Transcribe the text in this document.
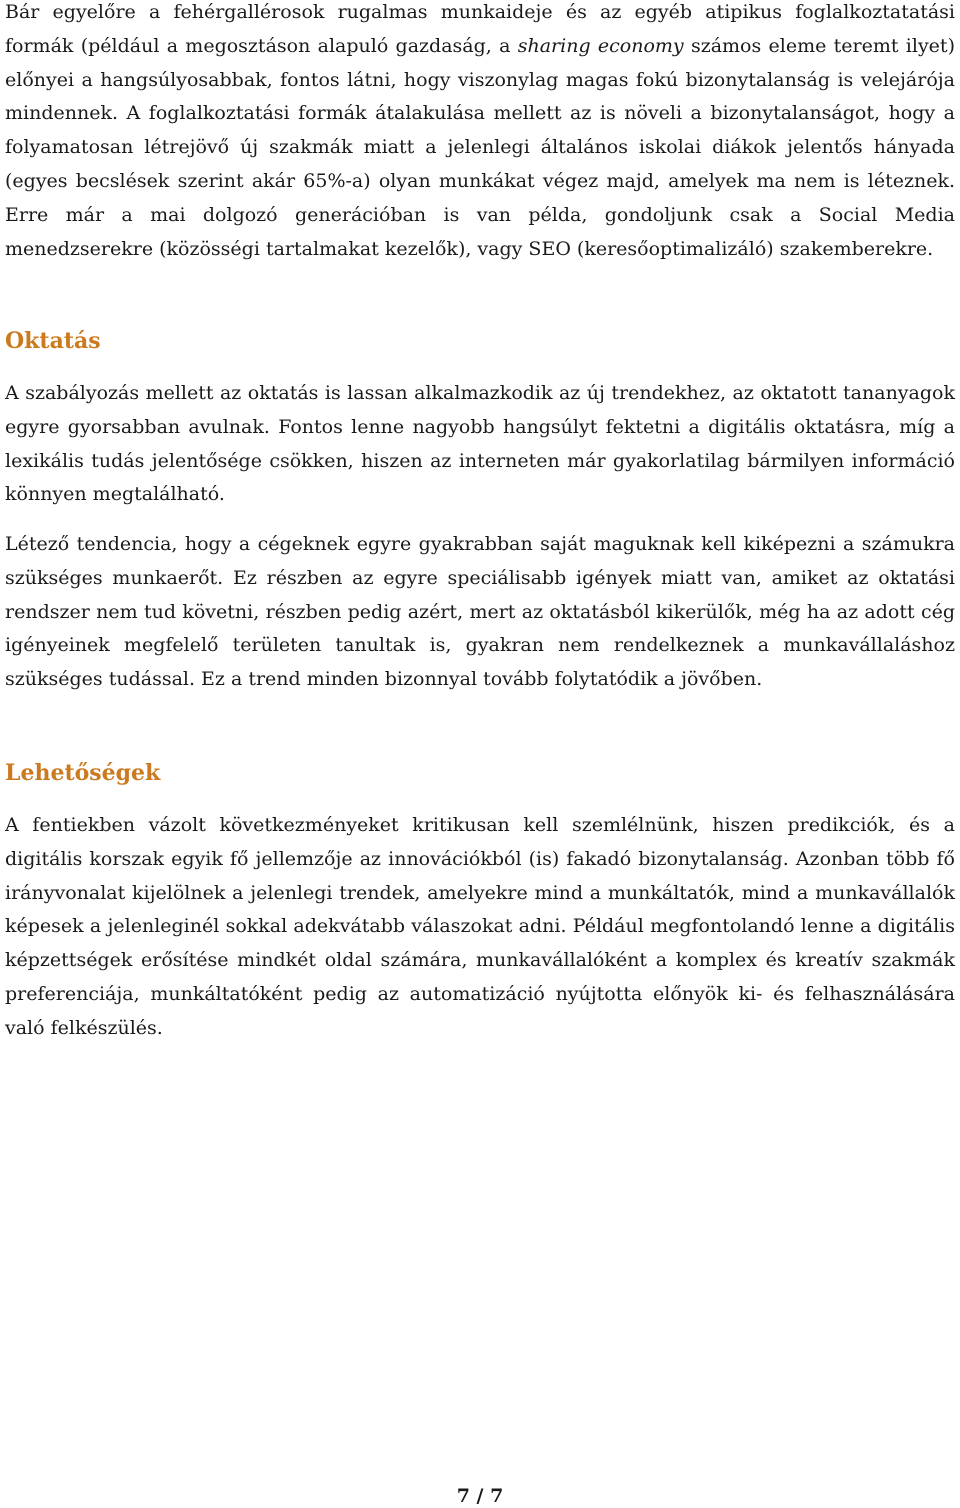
Bár egyelőre a fehérgallérosok rugalmas munkaideje és az egyéb atipikus foglalkoztatatási formák (például a megosztáson alapuló gazdaság, a sharing economy számos eleme teremt ilyet) előnyei a hangsúlyosabbak, fontos látni, hogy viszonylag magas fokú bizonytalanság is velejárója mindennek. A foglalkoztatási formák átalakulása mellett az is növeli a bizonytalanságot, hogy a folyamatosan létrejövő új szakmák miatt a jelenlegi általános iskolai diákok jelentős hányada (egyes becslések szerint akár 65%-a) olyan munkákat végez majd, amelyek ma nem is léteznek. Erre már a mai dolgozó generációban is van példa, gondoljunk csak a Social Media menedzserekre (közösségi tartalmakat kezelők), vagy SEO (keresőoptimalizáló) szakemberekre.

Oktatás

A szabályozás mellett az oktatás is lassan alkalmazkodik az új trendekhez, az oktatott tananyagok egyre gyorsabban avulnak. Fontos lenne nagyobb hangsúlyt fektetni a digitális oktatásra, míg a lexikális tudás jelentősége csökken, hiszen az interneten már gyakorlatilag bármilyen információ könnyen megtalálható.

Létező tendencia, hogy a cégeknek egyre gyakrabban saját maguknak kell kiképezni a számukra szükséges munkaerőt. Ez részben az egyre speciálisabb igények miatt van, amiket az oktatási rendszer nem tud követni, részben pedig azért, mert az oktatásból kikerülők, még ha az adott cég igényeinek megfelelő területen tanultak is, gyakran nem rendelkeznek a munkavállaláshoz szükséges tudással. Ez a trend minden bizonnyal tovább folytatódik a jövőben.

Lehetőségek

A fentiekben vázolt következményeket kritikusan kell szemlélnünk, hiszen predikciók, és a digitális korszak egyik fő jellemzője az innovációkból (is) fakadó bizonytalanság. Azonban több fő irányvonalat kijelölnek a jelenlegi trendek, amelyekre mind a munkáltatók, mind a munkavállalók képesek a jelenleginél sokkal adekvátabb válaszokat adni. Például megfontolandó lenne a digitális képzettségek erősítése mindkét oldal számára, munkavállalóként a komplex és kreatív szakmák preferenciája, munkáltatóként pedig az automatizáció nyújtotta előnyök ki- és felhasználására való felkészülés.

7 / 7
